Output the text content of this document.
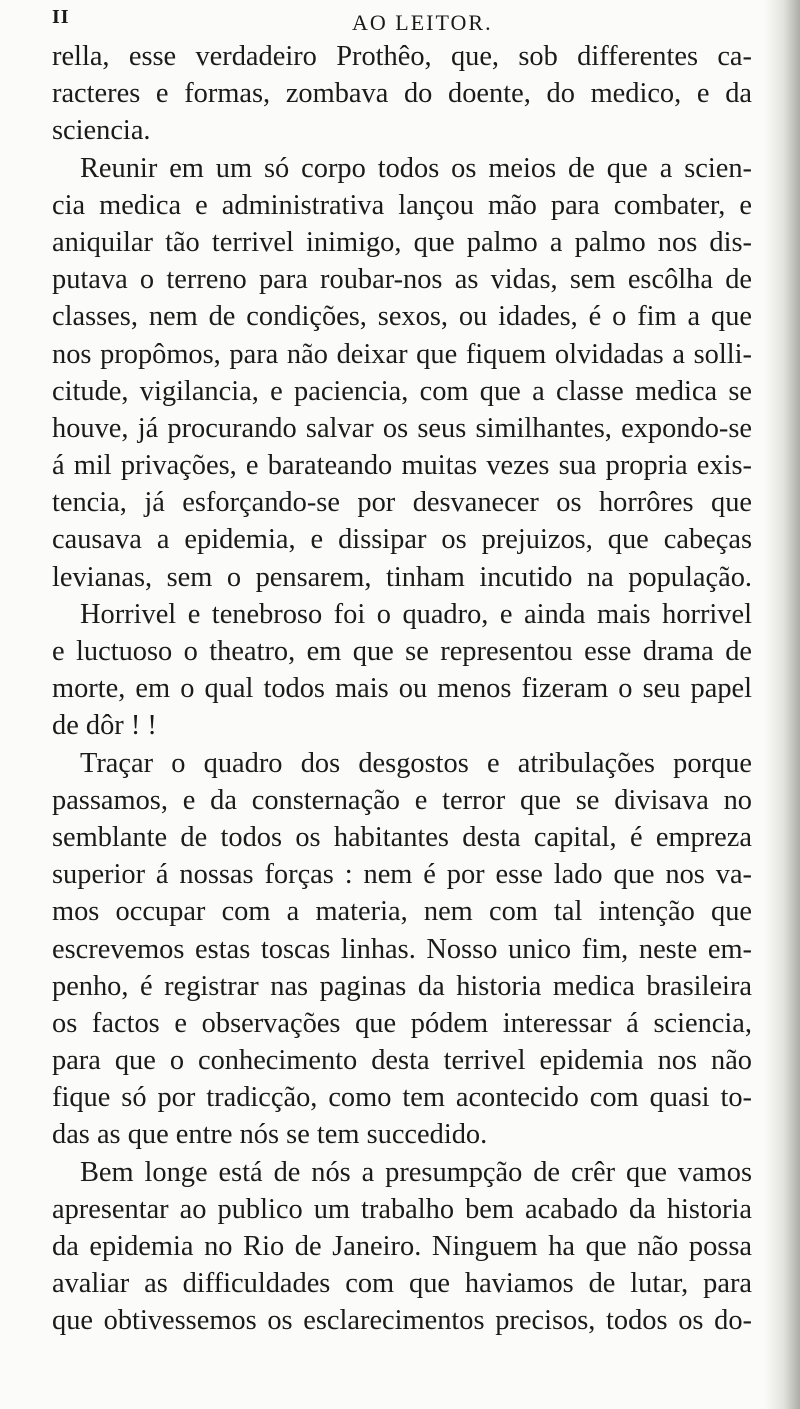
II	AO LEITOR.
rella, esse verdadeiro Prothêo, que, sob differentes ca-
racteres e formas, zombava do doente, do medico, e da
sciencia.
Reunir em um só corpo todos os meios de que a scien-
cia medica e administrativa lançou mão para combater, e
aniquilar tão terrivel inimigo, que palmo a palmo nos dis-
putava o terreno para roubar-nos as vidas, sem escôlha de
classes, nem de condições, sexos, ou idades, é o fim a que
nos propômos, para não deixar que fiquem olvidadas a solli-
citude, vigilancia, e paciencia, com que a classe medica se
houve, já procurando salvar os seus similhantes, expondo-se
á mil privações, e barateando muitas vezes sua propria exis-
tencia, já esforçando-se por desvanecer os horrôres que
causava a epidemia, e dissipar os prejuizos, que cabeças
levianas, sem o pensarem, tinham incutido na população.
Horrivel e tenebroso foi o quadro, e ainda mais horrivel
e luctuoso o theatro, em que se representou esse drama de
morte, em o qual todos mais ou menos fizeram o seu papel
de dôr ! !
Traçar o quadro dos desgostos e atribulações porque
passamos, e da consternação e terror que se divisava no
semblante de todos os habitantes desta capital, é empreza
superior á nossas forças : nem é por esse lado que nos va-
mos occupar com a materia, nem com tal intenção que
escrevemos estas toscas linhas. Nosso unico fim, neste em-
penho, é registrar nas paginas da historia medica brasileira
os factos e observações que pódem interessar á sciencia,
para que o conhecimento desta terrivel epidemia nos não
fique só por tradicção, como tem acontecido com quasi to-
das as que entre nós se tem succedido.
Bem longe está de nós a presumpção de crêr que vamos
apresentar ao publico um trabalho bem acabado da historia
da epidemia no Rio de Janeiro. Ninguem ha que não possa
avaliar as difficuldades com que haviamos de lutar, para
que obtivessemos os esclarecimentos precisos, todos os do-
